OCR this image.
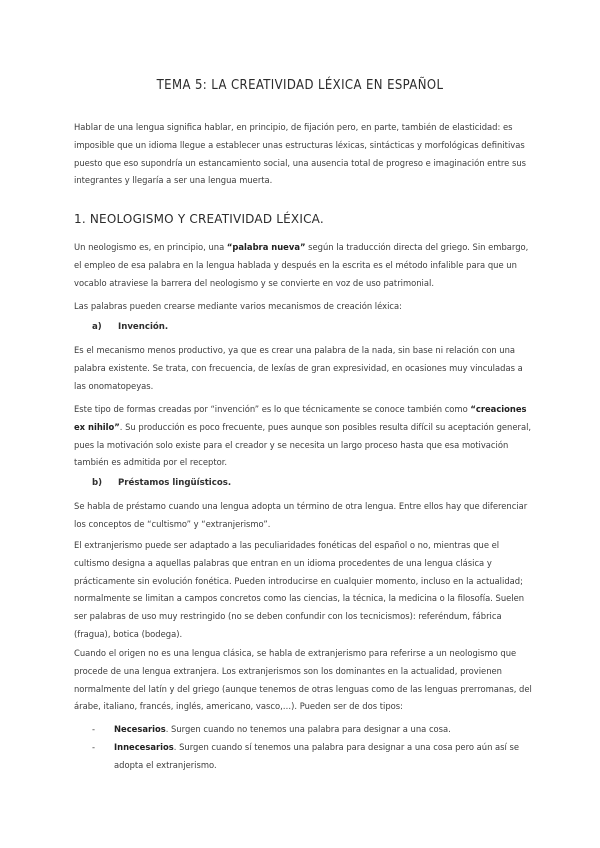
TEMA 5: LA CREATIVIDAD LÉXICA EN ESPAÑOL
Hablar de una lengua significa hablar, en principio, de fijación pero, en parte, también de elasticidad: es imposible que un idioma llegue a establecer unas estructuras léxicas, sintácticas y morfológicas definitivas puesto que eso supondría un estancamiento social, una ausencia total de progreso e imaginación entre sus integrantes y llegaría a ser una lengua muerta.
1. NEOLOGISMO Y CREATIVIDAD LÉXICA.
Un neologismo es, en principio, una “palabra nueva” según la traducción directa del griego. Sin embargo, el empleo de esa palabra en la lengua hablada y después en la escrita es el método infalible para que un vocablo atraviese la barrera del neologismo y se convierte en voz de uso patrimonial.
Las palabras pueden crearse mediante varios mecanismos de creación léxica:
a) Invención.
Es el mecanismo menos productivo, ya que es crear una palabra de la nada, sin base ni relación con una palabra existente. Se trata, con frecuencia, de lexías de gran expresividad, en ocasiones muy vinculadas a las onomatopeyas.
Este tipo de formas creadas por “invención” es lo que técnicamente se conoce también como “creaciones ex nihilo”. Su producción es poco frecuente, pues aunque son posibles resulta difícil su aceptación general, pues la motivación solo existe para el creador y se necesita un largo proceso hasta que esa motivación también es admitida por el receptor.
b) Préstamos lingüísticos.
Se habla de préstamo cuando una lengua adopta un término de otra lengua. Entre ellos hay que diferenciar los conceptos de “cultismo” y “extranjerismo”.
El extranjerismo puede ser adaptado a las peculiaridades fonéticas del español o no, mientras que el cultismo designa a aquellas palabras que entran en un idioma procedentes de una lengua clásica y prácticamente sin evolución fonética. Pueden introducirse en cualquier momento, incluso en la actualidad; normalmente se limitan a campos concretos como las ciencias, la técnica, la medicina o la filosofía. Suelen ser palabras de uso muy restringido (no se deben confundir con los tecnicismos): referéndum, fábrica (fragua), botica (bodega).
Cuando el origen no es una lengua clásica, se habla de extranjerismo para referirse a un neologismo que procede de una lengua extranjera. Los extranjerismos son los dominantes en la actualidad, provienen normalmente del latín y del griego (aunque tenemos de otras lenguas como de las lenguas prerromanas, del árabe, italiano, francés, inglés, americano, vasco,…). Pueden ser de dos tipos:
- Necesarios. Surgen cuando no tenemos una palabra para designar a una cosa.
-	Innecesarios. Surgen cuando sí tenemos una palabra para designar a una cosa pero aún así se adopta el extranjerismo.
